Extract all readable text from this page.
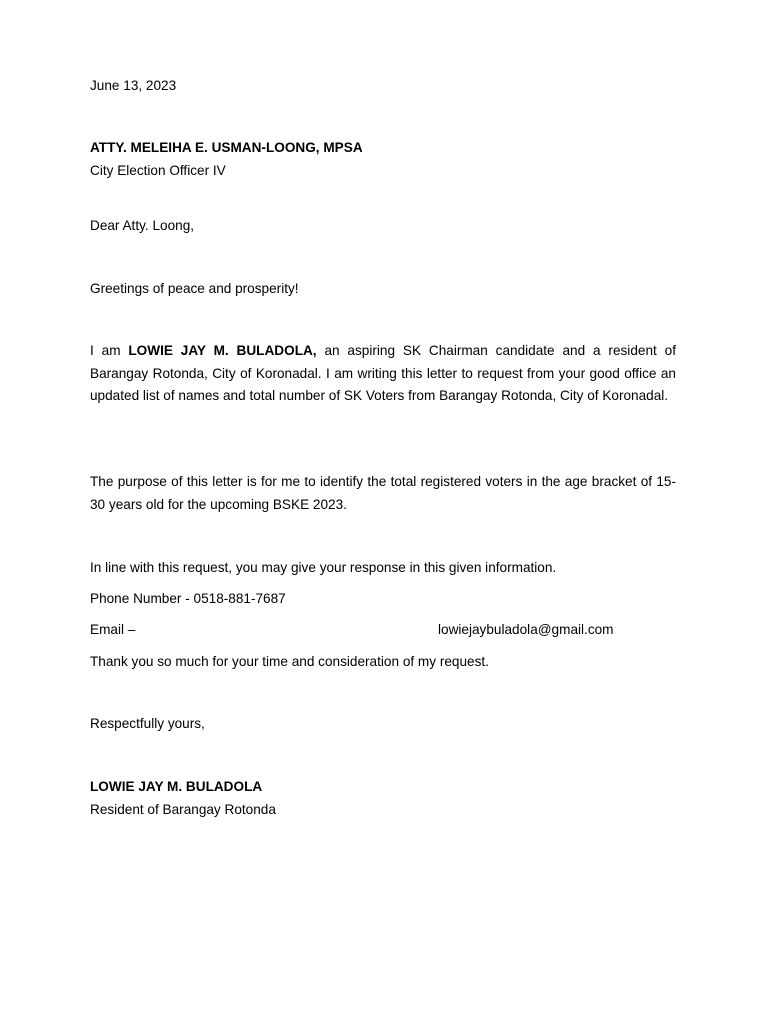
June 13, 2023
ATTY. MELEIHA E. USMAN-LOONG, MPSA
City Election Officer IV
Dear Atty. Loong,
Greetings of peace and prosperity!
I am LOWIE JAY M. BULADOLA, an aspiring SK Chairman candidate and a resident of Barangay Rotonda, City of Koronadal. I am writing this letter to request from your good office an updated list of names and total number of SK Voters from Barangay Rotonda, City of Koronadal.
The purpose of this letter is for me to identify the total registered voters in the age bracket of 15-30 years old for the upcoming BSKE 2023.
In line with this request, you may give your response in this given information.
Phone Number - 0518-881-7687
Email –	lowiejaybuladola@gmail.com
Thank you so much for your time and consideration of my request.
Respectfully yours,
LOWIE JAY M. BULADOLA
Resident of Barangay Rotonda
